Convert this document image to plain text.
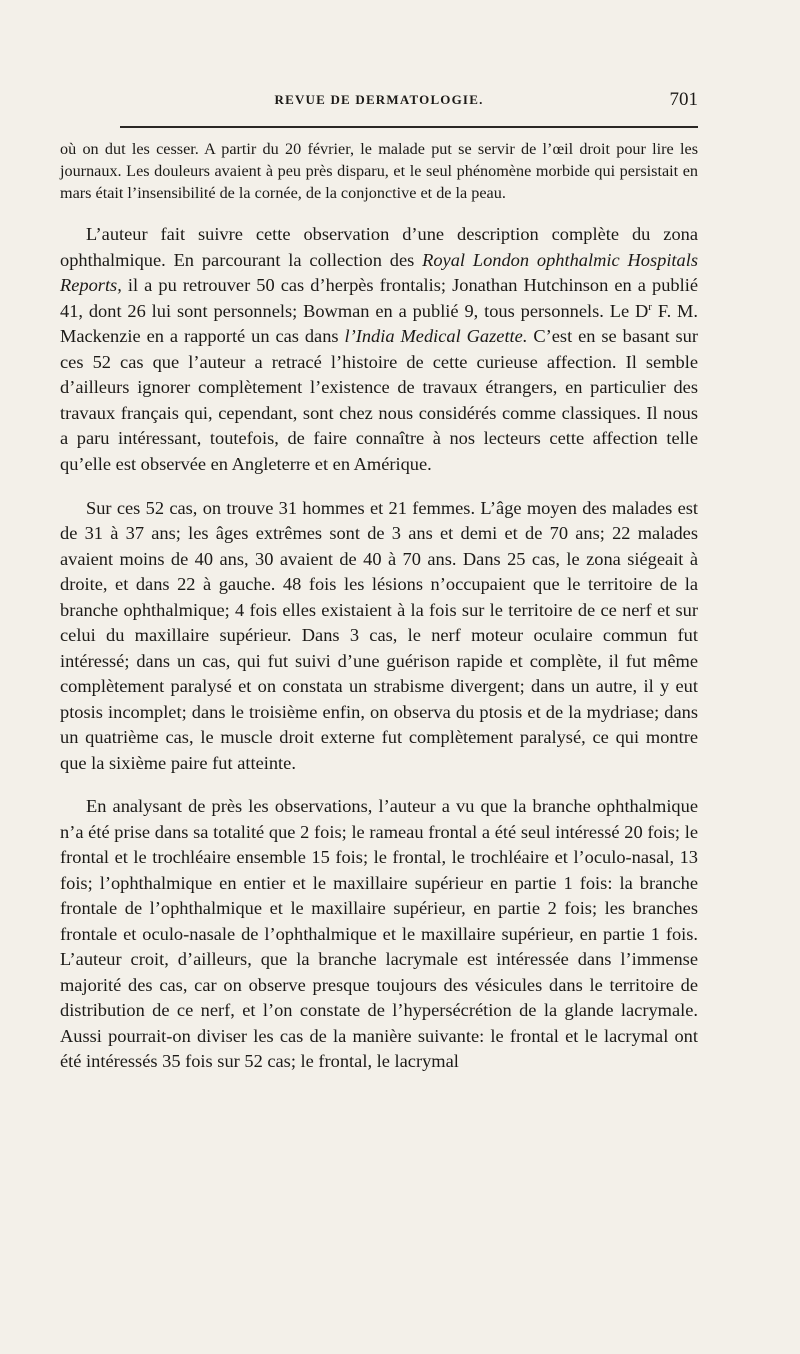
REVUE DE DERMATOLOGIE.	701

où on dut les cesser. A partir du 20 février, le malade put se servir de l’œil droit pour lire les journaux. Les douleurs avaient à peu près disparu, et le seul phénomène morbide qui persistait en mars était l’insensibilité de la cornée, de la conjonctive et de la peau.

L’auteur fait suivre cette observation d’une description complète du zona ophthalmique. En parcourant la collection des Royal London ophthalmic Hospitals Reports, il a pu retrouver 50 cas d’herpès frontalis; Jonathan Hutchinson en a publié 41, dont 26 lui sont personnels; Bowman en a publié 9, tous personnels. Le $D^r$ F. M. Mackenzie en a rapporté un cas dans l’India Medical Gazette. C’est en se basant sur ces 52 cas que l’auteur a retracé l’histoire de cette curieuse affection. Il semble d’ailleurs ignorer complètement l’existence de travaux étrangers, en particulier des travaux français qui, cependant, sont chez nous considérés comme classiques. Il nous a paru intéressant, toutefois, de faire connaître à nos lecteurs cette affection telle qu’elle est observée en Angleterre et en Amérique.

Sur ces 52 cas, on trouve 31 hommes et 21 femmes. L’âge moyen des malades est de 31 à 37 ans; les âges extrêmes sont de 3 ans et demi et de 70 ans; 22 malades avaient moins de 40 ans, 30 avaient de 40 à 70 ans. Dans 25 cas, le zona siégeait à droite, et dans 22 à gauche. 48 fois les lésions n’occupaient que le territoire de la branche ophthalmique; 4 fois elles existaient à la fois sur le territoire de ce nerf et sur celui du maxillaire supérieur. Dans 3 cas, le nerf moteur oculaire commun fut intéressé; dans un cas, qui fut suivi d’une guérison rapide et complète, il fut même complètement paralysé et on constata un strabisme divergent; dans un autre, il y eut ptosis incomplet; dans le troisième enfin, on observa du ptosis et de la mydriase; dans un quatrième cas, le muscle droit externe fut complètement paralysé, ce qui montre que la sixième paire fut atteinte.

En analysant de près les observations, l’auteur a vu que la branche ophthalmique n’a été prise dans sa totalité que 2 fois; le rameau frontal a été seul intéressé 20 fois; le frontal et le trochléaire ensemble 15 fois; le frontal, le trochléaire et l’oculo-nasal, 13 fois; l’ophthalmique en entier et le maxillaire supérieur en partie 1 fois: la branche frontale de l’ophthalmique et le maxillaire supérieur, en partie 2 fois; les branches frontale et oculo-nasale de l’ophthalmique et le maxillaire supérieur, en partie 1 fois. L’auteur croit, d’ailleurs, que la branche lacrymale est intéressée dans l’immense majorité des cas, car on observe presque toujours des vésicules dans le territoire de distribution de ce nerf, et l’on constate de l’hypersécrétion de la glande lacrymale. Aussi pourrait-on diviser les cas de la manière suivante: le frontal et le lacrymal ont été intéressés 35 fois sur 52 cas; le frontal, le lacrymal
